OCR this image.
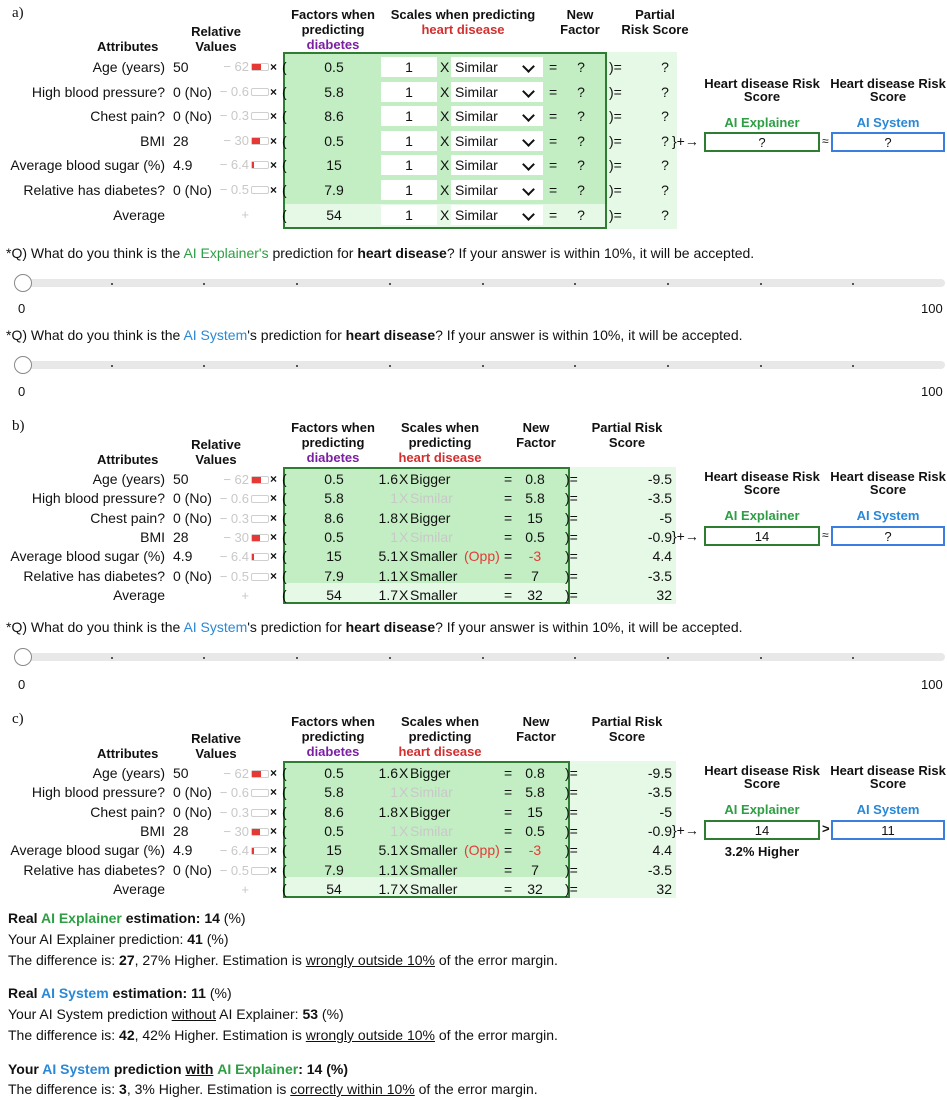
a)
Attributes
Relative Values
Factors when predicting
diabetes
Scales when predicting
heart disease
New Factor
Partial Risk Score
Age (years) 50	− 62 × (	0.5	1	X Similar	=	?	)=	?
High blood pressure? 0 (No) − 0.6 × (	5.8	1	X Similar	=	?	)=	?
Chest pain? 0 (No) − 0.3 × (	8.6	1	X Similar	=	?	)=	?
BMI 28	− 30 × (	0.5	1	X Similar	=	?	)=	?
Average blood sugar (%) 4.9 − 6.4 × (	15	1	X Similar	=	?	)=	?
Relative has diabetes? 0 (No) − 0.5 × (	7.9	1	X Similar	=	?	)=	?
Average	+ (	54	1	X Similar	=	?	)=	?
Heart disease Risk Score
Heart disease Risk Score
AI Explainer	AI System
}+→	?	≈	?
*Q) What do you think is the AI Explainer's prediction for heart disease? If your answer is within 10%, it will be accepted.
0	100
*Q) What do you think is the AI System's prediction for heart disease? If your answer is within 10%, it will be accepted.
0	100
b)
Attributes
Relative Values
Factors when predicting
diabetes
Scales when predicting
heart disease
New Factor
Partial Risk Score
Age (years) 50	− 62 × (	0.5	1.6 X Bigger	= 0.8	)=	-9.5
High blood pressure? 0 (No) − 0.6 × (	5.8	1 X Similar	= 5.8	)=	-3.5
Chest pain? 0 (No) − 0.3 × (	8.6	1.8 X Bigger	=	15	)=	-5
BMI 28	− 30 × (	0.5	1 X Similar	= 0.5	)=	-0.9
Average blood sugar (%) 4.9 − 6.4 × (	15	5.1 X Smaller (Opp) =	-3	)=	4.4
Relative has diabetes? 0 (No) − 0.5 × (	7.9	1.1 X Smaller	=	7	)=	-3.5
Average	+ (	54	1.7 X Smaller	=	32	)=	32
Heart disease Risk Score
Heart disease Risk Score
AI Explainer	AI System
}+→	14	≈	?
*Q) What do you think is the AI System's prediction for heart disease? If your answer is within 10%, it will be accepted.
0	100
c)
Attributes
Relative Values
Factors when predicting
diabetes
Scales when predicting
heart disease
New Factor
Partial Risk Score
Age (years) 50	− 62 × (	0.5	1.6 X Bigger	= 0.8	)=	-9.5
High blood pressure? 0 (No) − 0.6 × (	5.8	1 X Similar	= 5.8	)=	-3.5
Chest pain? 0 (No) − 0.3 × (	8.6	1.8 X Bigger	=	15	)=	-5
BMI 28	− 30 × (	0.5	1 X Similar	= 0.5	)=	-0.9
Average blood sugar (%) 4.9 − 6.4 × (	15	5.1 X Smaller (Opp) =	-3	)=	4.4
Relative has diabetes? 0 (No) − 0.5 × (	7.9	1.1 X Smaller	=	7	)=	-3.5
Average	+ (	54	1.7 X Smaller	=	32	)=	32
Heart disease Risk Score
Heart disease Risk Score
AI Explainer	AI System
}+→	14	>	11
3.2% Higher
Real AI Explainer estimation: 14 (%)
Your AI Explainer prediction: 41 (%)
The difference is: 27, 27% Higher. Estimation is wrongly outside 10% of the error margin.
Real AI System estimation: 11 (%)
Your AI System prediction without AI Explainer: 53 (%)
The difference is: 42, 42% Higher. Estimation is wrongly outside 10% of the error margin.
Your AI System prediction with AI Explainer: 14 (%)
The difference is: 3, 3% Higher. Estimation is correctly within 10% of the error margin.
